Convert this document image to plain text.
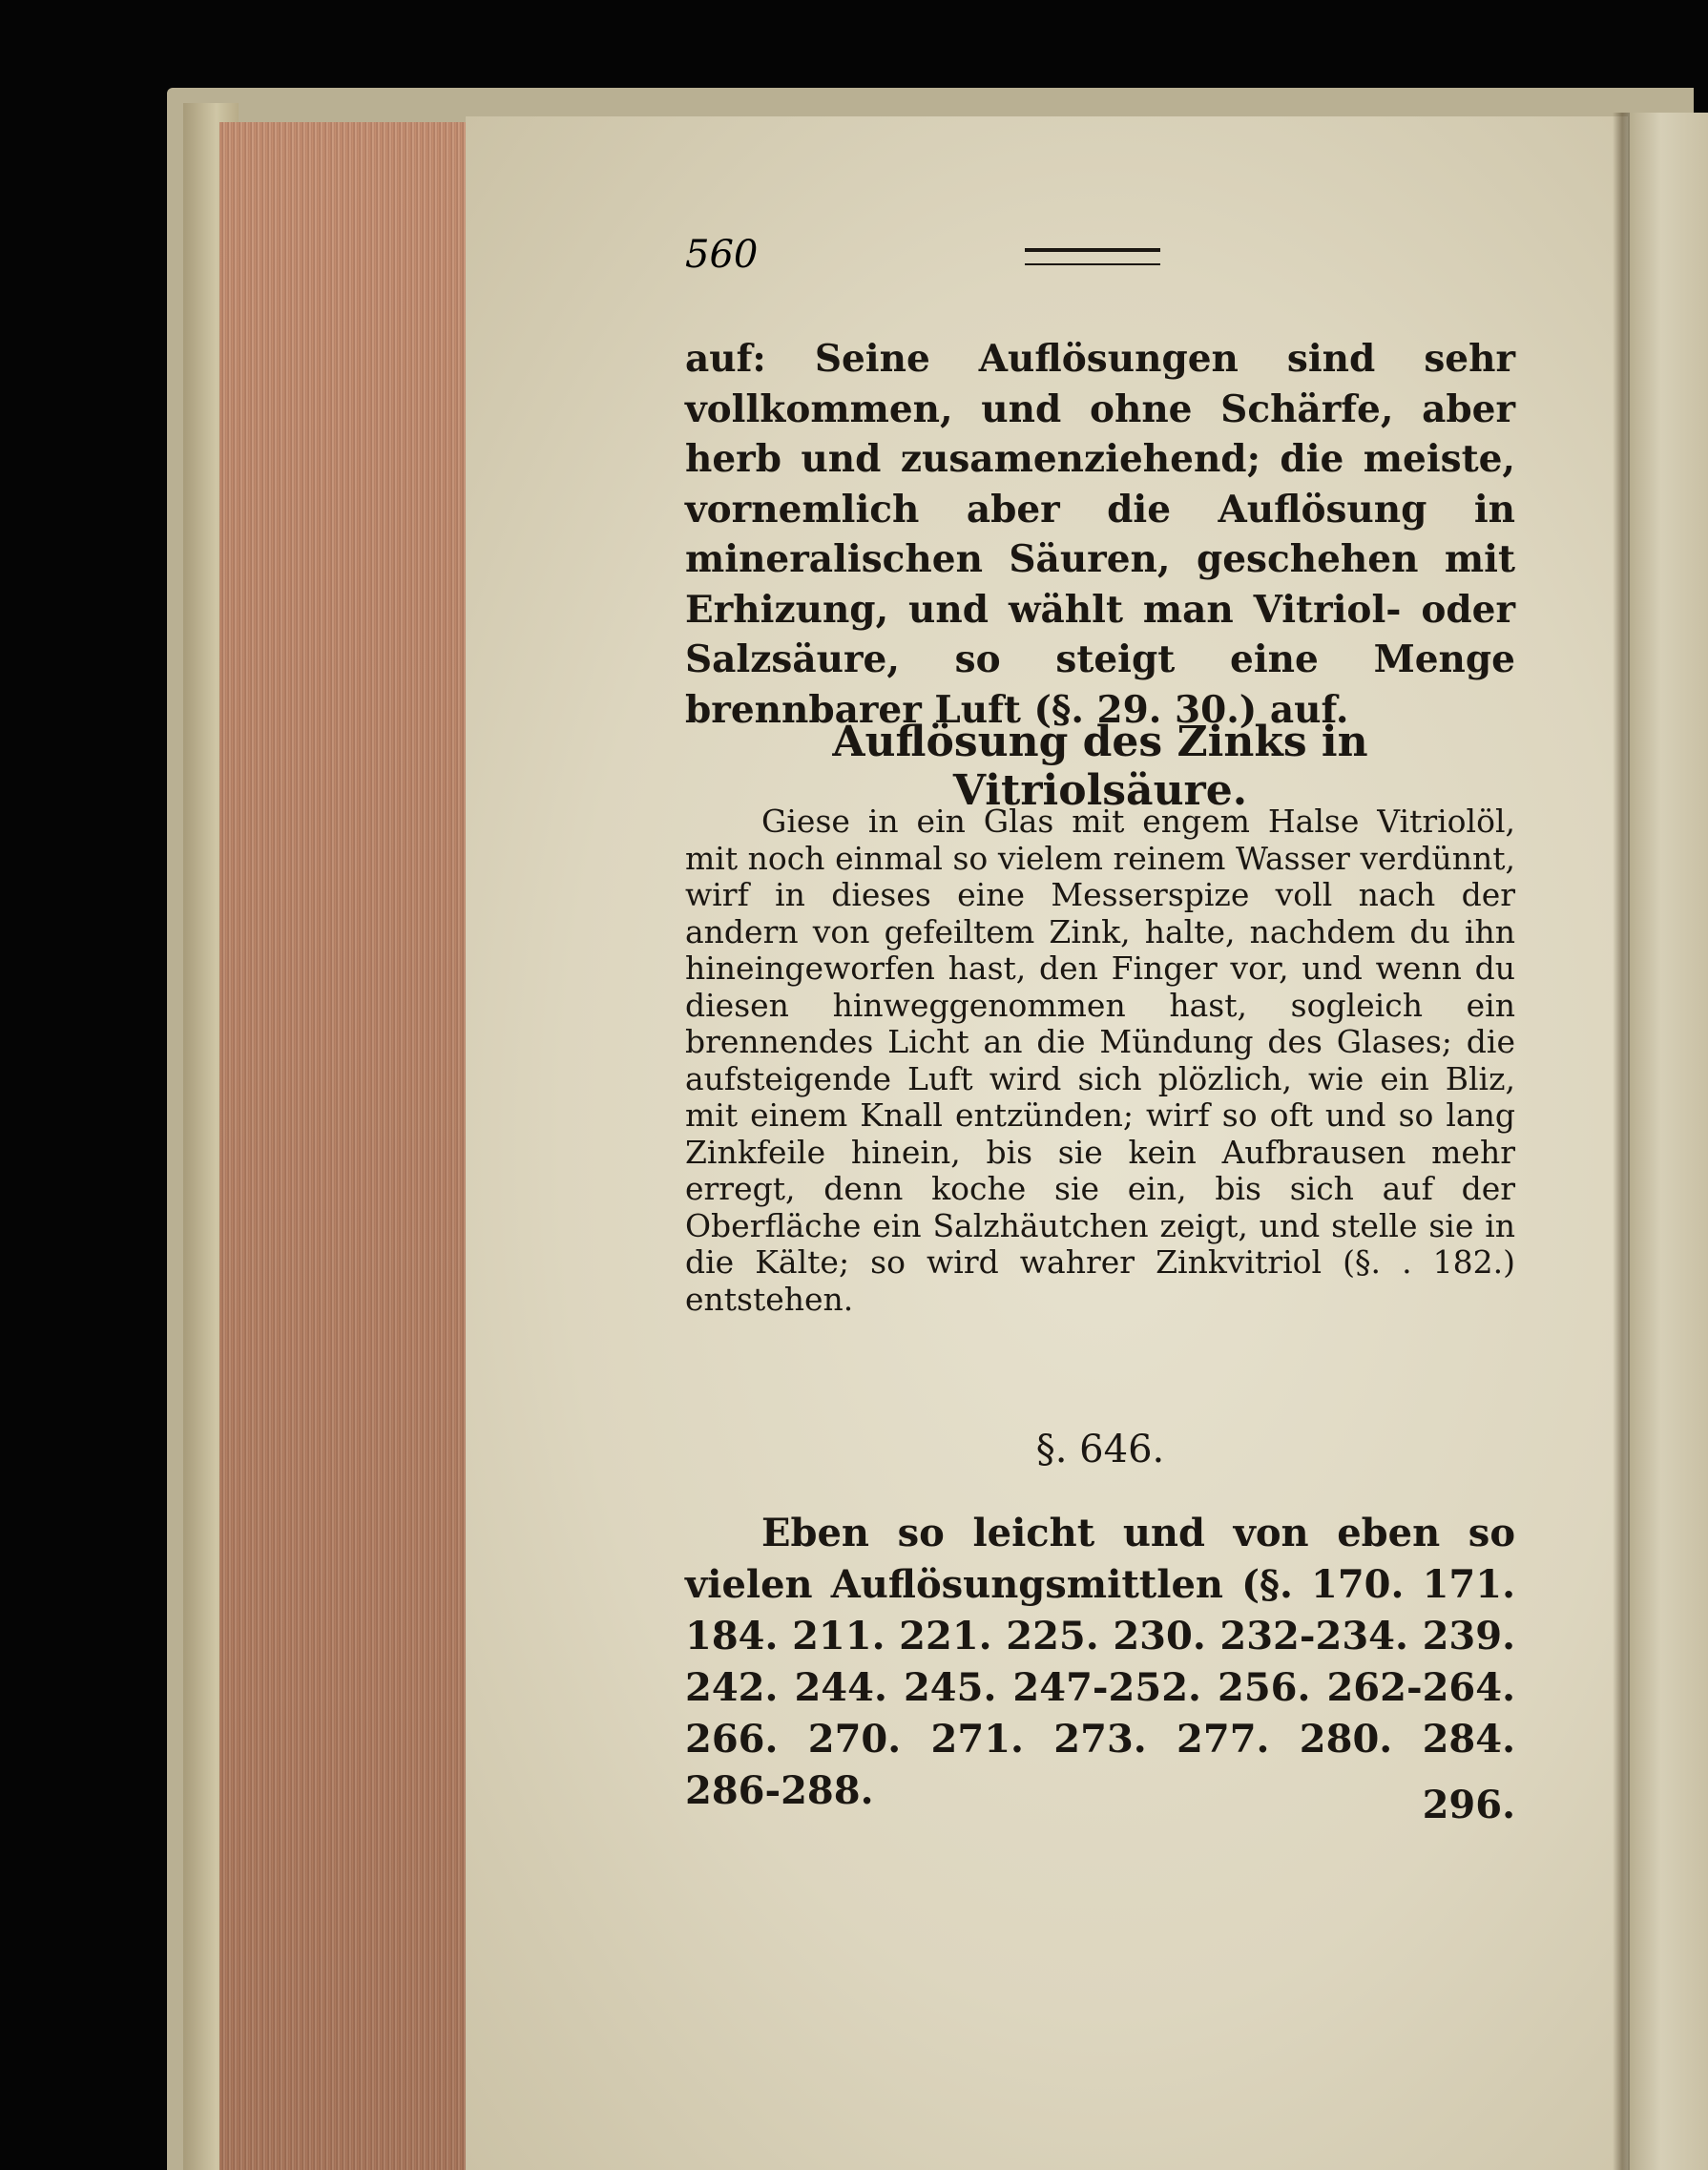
560
auf: Seine Auflösungen sind sehr vollkommen, und ohne Schärfe, aber herb und zusamenziehend; die meiste, vornemlich aber die Auflösung in mineralischen Säuren, geschehen mit Erhizung, und wählt man Vitriol- oder Salzsäure, so steigt eine Menge brennbarer Luft (§. 29. 30.) auf.
Auflösung des Zinks in Vitriolsäure.
Giese in ein Glas mit engem Halse Vitriolöl, mit noch einmal so vielem reinem Wasser verdünnt, wirf in dieses eine Messerspize voll nach der andern von gefeiltem Zink, halte, nachdem du ihn hineingeworfen hast, den Finger vor, und wenn du diesen hinweggenommen hast, sogleich ein brennendes Licht an die Mündung des Glases; die aufsteigende Luft wird sich plözlich, wie ein Bliz, mit einem Knall entzünden; wirf so oft und so lang Zinkfeile hinein, bis sie kein Aufbrausen mehr erregt, denn koche sie ein, bis sich auf der Oberfläche ein Salzhäutchen zeigt, und stelle sie in die Kälte; so wird wahrer Zinkvitriol (§. . 182.) entstehen.
§. 646.
Eben so leicht und von eben so vielen Auflösungsmittlen (§. 170. 171. 184. 211. 221. 225. 230. 232-234. 239. 242. 244. 245. 247-252. 256. 262-264. 266. 270. 271. 273. 277. 280. 284. 286-288.	296.
